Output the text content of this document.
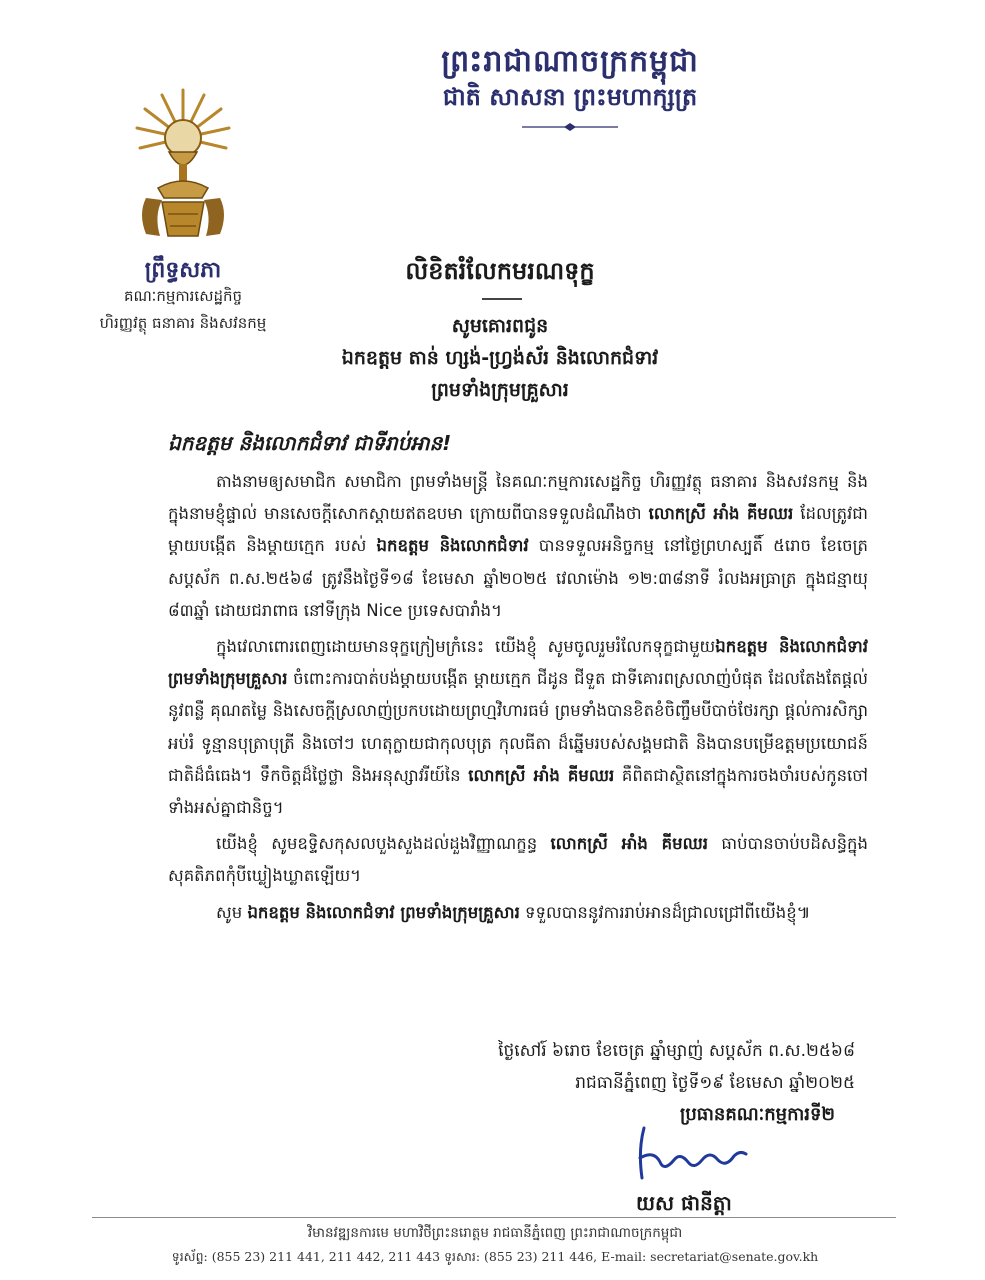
ព្រះរាជាណាចក្រកម្ពុជា
ជាតិ សាសនា ព្រះមហាក្សត្រ
ព្រឹទ្ធសភា
គណៈកម្មការសេដ្ឋកិច្ច
ហិរញ្ញវត្ថុ ធនាគារ និងសវនកម្ម
លិខិតរំលែកមរណទុក្ខ
សូមគោរពជូន
ឯកឧត្តម តាន់ ហ្សង់-ហ្វ្រង់ស័រ និងលោកជំទាវ
ព្រមទាំងក្រុមគ្រួសារ
ឯកឧត្តម និងលោកជំទាវ ជាទីរាប់អាន!

តាងនាមឲ្យសមាជិក សមាជិកា ព្រមទាំងមន្ត្រី នៃគណៈកម្មការសេដ្ឋកិច្ច ហិរញ្ញវត្ថុ ធនាគារ និងសវនកម្ម និងក្នុងនាមខ្ញុំផ្ទាល់ មានសេចក្តីសោកស្តាយឥតឧបមា ក្រោយពីបានទទួលដំណឹងថា លោកស្រី អាំង គីមឈរ ដែលត្រូវជាម្តាយបង្កើត និងម្តាយក្មេក របស់ ឯកឧត្តម និងលោកជំទាវ បានទទួលអនិច្ចកម្ម នៅថ្ងៃព្រហស្បតិ៍ ៥រោច ខែចេត្រ សប្តស័ក ព.ស.២៥៦៨ ត្រូវនឹងថ្ងៃទី១៨ ខែមេសា ឆ្នាំ២០២៥ វេលាម៉ោង ១២:៣៨នាទី រំលងអធ្រាត្រ ក្នុងជន្មាយុ ៨៣ឆ្នាំ ដោយជរាពាធ នៅទីក្រុង Nice ប្រទេសបារាំង។

ក្នុងវេលាពោរពេញដោយមានទុក្ខក្រៀមក្រំនេះ យើងខ្ញុំ សូមចូលរួមរំលែកទុក្ខជាមួយឯកឧត្តម និងលោកជំទាវ ព្រមទាំងក្រុមគ្រួសារ ចំពោះការបាត់បង់ម្តាយបង្កើត ម្តាយក្មេក ជីដូន ជីទួត ជាទីគោរពស្រលាញ់បំផុត ដែលតែងតែផ្តល់នូវពន្លឺ គុណតម្លៃ និងសេចក្តីស្រលាញ់ប្រកបដោយព្រហ្មវិហារធម៌ ព្រមទាំងបានខិតខំចិញ្ចឹមបីបាច់ថែរក្សា ផ្តល់ការសិក្សា អប់រំ ទូន្មានបុត្រាបុត្រី និងចៅៗ ហេតុក្លាយជាកុលបុត្រ កុលធីតា ដ៏ឆ្នើមរបស់សង្គមជាតិ និងបានបម្រើឧត្តមប្រយោជន៍ជាតិដ៏ធំធេង។ ទឹកចិត្តដ៏ថ្លៃថ្លា និងអនុស្សាវរីយ៍នៃ លោកស្រី អាំង គីមឈរ គឺពិតជាស្ថិតនៅក្នុងការចងចាំរបស់កូនចៅទាំងអស់គ្នាជានិច្ច។

យើងខ្ញុំ សូមឧទ្ទិសកុសលបួងសួងដល់ដួងវិញ្ញាណក្ខន្ធ លោកស្រី អាំង គីមឈរ ធាប់បានចាប់បដិសន្ធិក្នុងសុគតិភពកុំបីឃ្លៀងឃ្លាតឡើយ។

សូម ឯកឧត្តម និងលោកជំទាវ ព្រមទាំងក្រុមគ្រួសារ ទទួលបាននូវការរាប់អានដ៏ជ្រាលជ្រៅពីយើងខ្ញុំ៕

ថ្ងៃសៅរ៍ ៦រោច ខែចេត្រ ឆ្នាំម្សាញ់ សប្តស័ក ព.ស.២៥៦៨
រាជធានីភ្នំពេញ ថ្ងៃទី១៩ ខែមេសា ឆ្នាំ២០២៥
ប្រធានគណៈកម្មការទី២
យស ផានីត្តា
វិមានវឌ្ឍនការមេ មហាវិថីព្រះនរោត្តម រាជធានីភ្នំពេញ ព្រះរាជាណាចក្រកម្ពុជា
ទូរស័ព្ទ: (855 23) 211 441, 211 442, 211 443 ទូរសារ: (855 23) 211 446, E-mail: secretariat@senate.gov.kh
